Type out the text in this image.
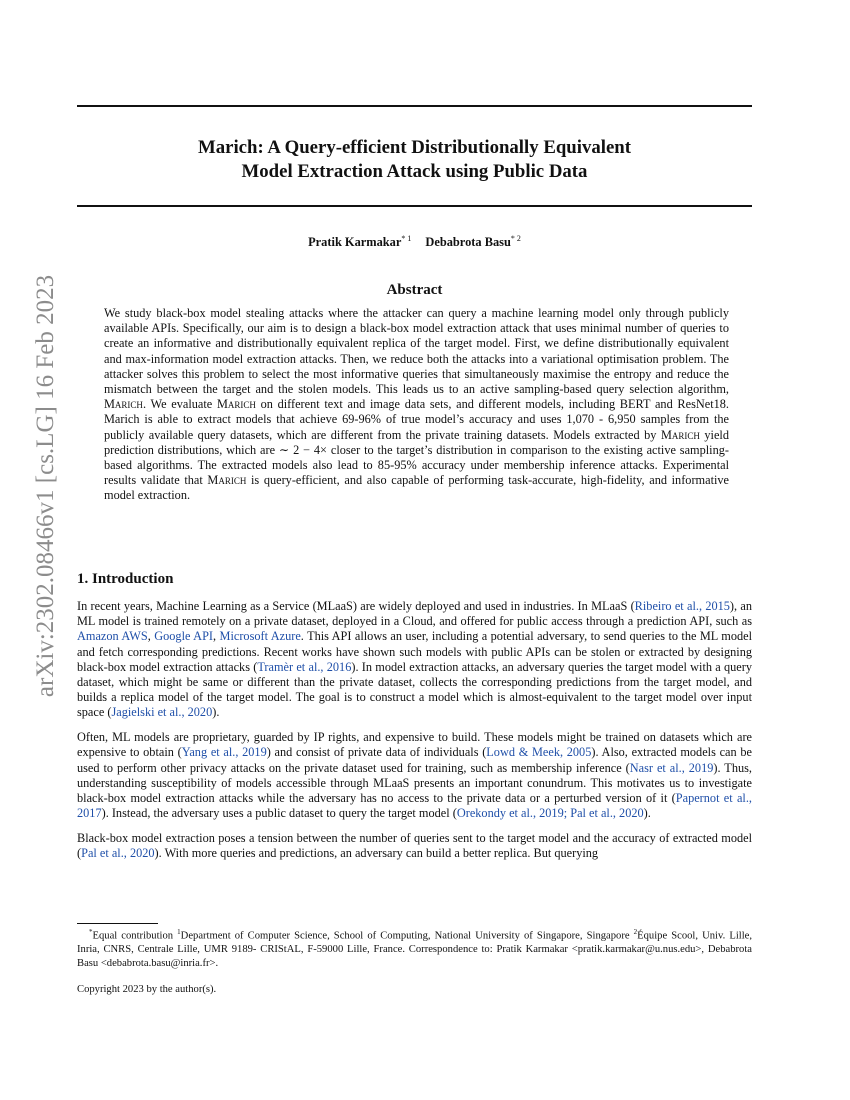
arXiv:2302.08466v1 [cs.LG] 16 Feb 2023
Marich: A Query-efficient Distributionally Equivalent
Model Extraction Attack using Public Data
Pratik Karmakar$^{* 1}$ Debabrota Basu$^{* 2}$
Abstract
We study black-box model stealing attacks where the attacker can query a machine learning model only through publicly available APIs. Specifically, our aim is to design a black-box model extraction attack that uses minimal number of queries to create an informative and distributionally equivalent replica of the target model. First, we define distributionally equivalent and max-information model extraction attacks. Then, we reduce both the attacks into a variational optimisation problem. The attacker solves this problem to select the most informative queries that simultaneously maximise the entropy and reduce the mismatch between the target and the stolen models. This leads us to an active sampling-based query selection algorithm, Marich. We evaluate Marich on different text and image data sets, and different models, including BERT and ResNet18. Marich is able to extract models that achieve 69-96% of true model’s accuracy and uses 1,070 - 6,950 samples from the publicly available query datasets, which are different from the private training datasets. Models extracted by Marich yield prediction distributions, which are ∼ 2 − 4× closer to the target’s distribution in comparison to the existing active sampling-based algorithms. The extracted models also lead to 85-95% accuracy under membership inference attacks. Experimental results validate that Marich is query-efficient, and also capable of performing task-accurate, high-fidelity, and informative model extraction.
1. Introduction

In recent years, Machine Learning as a Service (MLaaS) are widely deployed and used in industries. In MLaaS (Ribeiro et al., 2015), an ML model is trained remotely on a private dataset, deployed in a Cloud, and offered for public access through a prediction API, such as Amazon AWS, Google API, Microsoft Azure. This API allows an user, including a potential adversary, to send queries to the ML model and fetch corresponding predictions. Recent works have shown such models with public APIs can be stolen or extracted by designing black-box model extraction attacks (Tramèr et al., 2016). In model extraction attacks, an adversary queries the target model with a query dataset, which might be same or different than the private dataset, collects the corresponding predictions from the target model, and builds a replica model of the target model. The goal is to construct a model which is almost-equivalent to the target model over input space (Jagielski et al., 2020).

Often, ML models are proprietary, guarded by IP rights, and expensive to build. These models might be trained on datasets which are expensive to obtain (Yang et al., 2019) and consist of private data of individuals (Lowd & Meek, 2005). Also, extracted models can be used to perform other privacy attacks on the private dataset used for training, such as membership inference (Nasr et al., 2019). Thus, understanding susceptibility of models accessible through MLaaS presents an important conundrum. This motivates us to investigate black-box model extraction attacks while the adversary has no access to the private data or a perturbed version of it (Papernot et al., 2017). Instead, the adversary uses a public dataset to query the target model (Orekondy et al., 2019; Pal et al., 2020).

Black-box model extraction poses a tension between the number of queries sent to the target model and the accuracy of extracted model (Pal et al., 2020). With more queries and predictions, an adversary can build a better replica. But querying

*Equal contribution $^1$Department of Computer Science, School of Computing, National University of Singapore, Singapore $^2$Équipe Scool, Univ. Lille, Inria, CNRS, Centrale Lille, UMR 9189- CRIStAL, F-59000 Lille, France. Correspondence to: Pratik Karmakar <pratik.karmakar@u.nus.edu>, Debabrota Basu <debabrota.basu@inria.fr>.
Copyright 2023 by the author(s).
